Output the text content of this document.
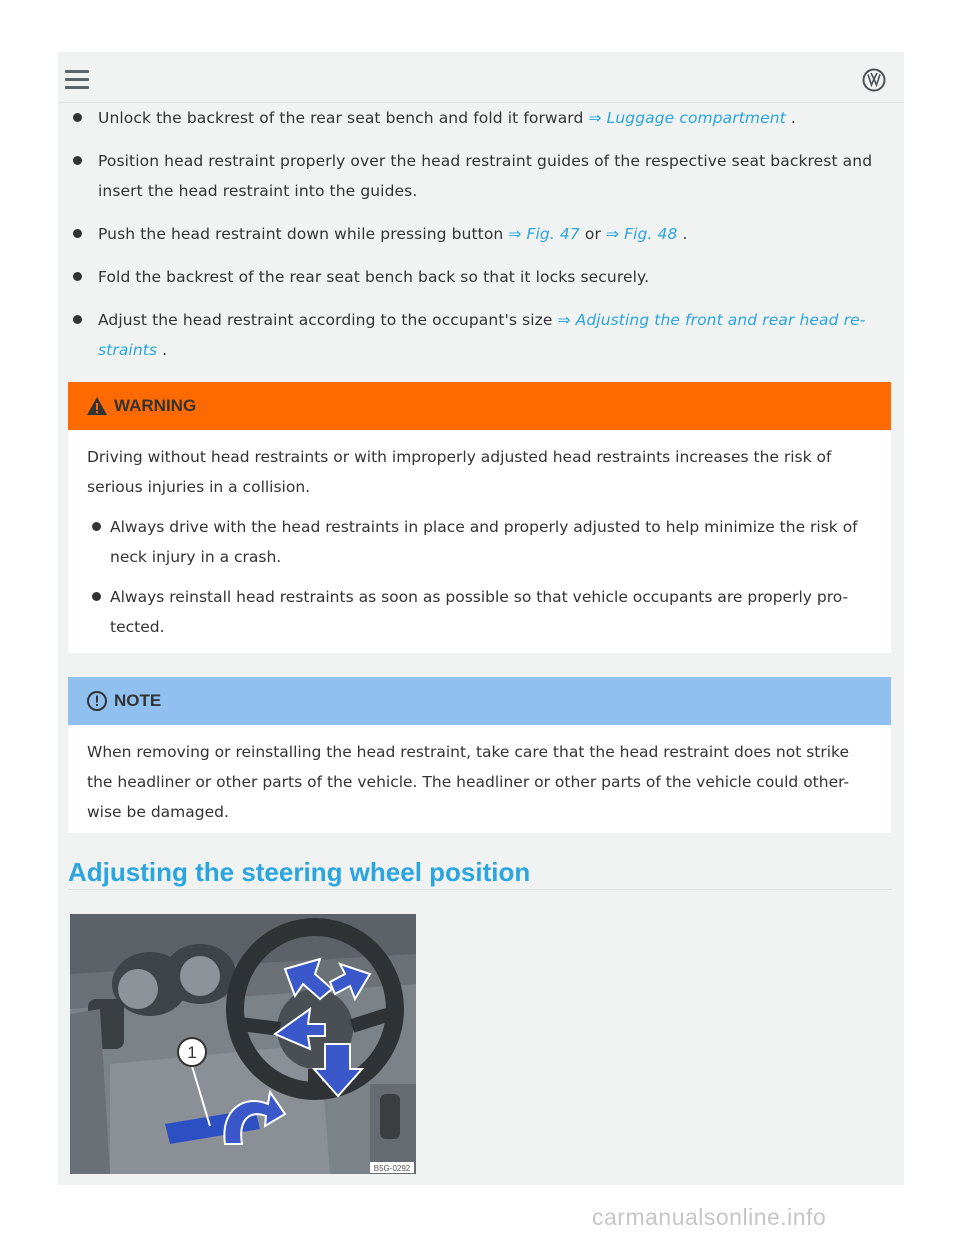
Unlock the backrest of the rear seat bench and fold it forward ⇒ Luggage compartment .
Position head restraint properly over the head restraint guides of the respective seat backrest and insert the head restraint into the guides.
Push the head restraint down while pressing button ⇒ Fig. 47 or ⇒ Fig. 48 .
Fold the backrest of the rear seat bench back so that it locks securely.
Adjust the head restraint according to the occupant's size ⇒ Adjusting the front and rear head re-straints .
WARNING

Driving without head restraints or with improperly adjusted head restraints increases the risk of serious injuries in a collision.

Always drive with the head restraints in place and properly adjusted to help minimize the risk of neck injury in a crash.
Always reinstall head restraints as soon as possible so that vehicle occupants are properly pro-tected.
NOTE

When removing or reinstalling the head restraint, take care that the head restraint does not strike the headliner or other parts of the vehicle. The headliner or other parts of the vehicle could other-wise be damaged.

Adjusting the steering wheel position
1
B5G-0292
carmanualsonline.info
